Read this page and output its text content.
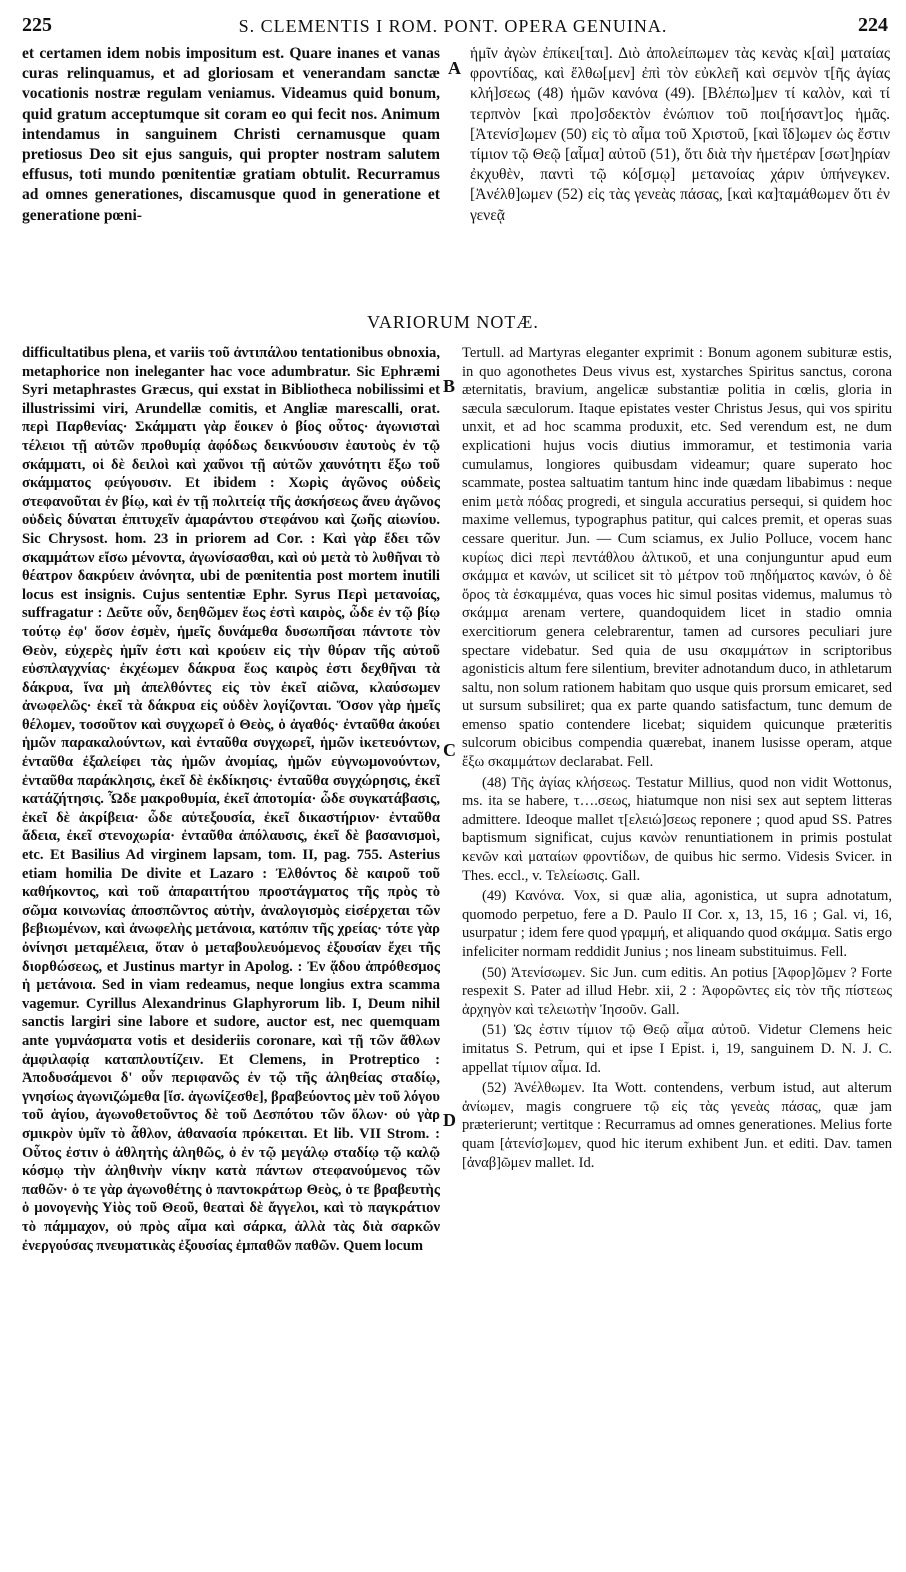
225	S. CLEMENTIS I ROM. PONT. OPERA GENUINA.	224

et certamen idem nobis impositum est. Quare inanes et vanas curas relinquamus, et ad gloriosam et venerandam sanctæ vocationis nostræ regulam veniamus. Videamus quid bonum, quid gratum acceptumque sit coram eo qui fecit nos. Animum intendamus in sanguinem Christi cernamusque quam pretiosus Deo sit ejus sanguis, qui propter nostram salutem effusus, toti mundo pœnitentiæ gratiam obtulit. Recurramus ad omnes generationes, discamusque quod in generatione et generatione pœni-

A

ἡμῖν ἀγὼν ἐπίκει[ται]. Διὸ ἀπολείπωμεν τὰς κενὰς κ[αὶ] ματαίας φροντίδας, καὶ ἔλθω[μεν] ἐπὶ τὸν εὐκλεῆ καὶ σεμνὸν τ[ῆς ἁγίας κλή]σεως (48) ἡμῶν κανόνα (49). [Βλέπω]μεν τί καλὸν, καὶ τί τερπνὸν [καὶ προ]σδεκτὸν ἐνώπιον τοῦ ποι[ήσαντ]ος ἡμᾶς. [Ἀτενίσ]ωμεν (50) εἰς τὸ αἷμα τοῦ Χριστοῦ, [καὶ ἴδ]ωμεν ὡς ἔστιν τίμιον τῷ Θεῷ [αἷμα] αὐτοῦ (51), ὅτι διὰ τὴν ἡμετέραν [σωτ]ηρίαν ἐκχυθὲν, παντὶ τῷ κό[σμῳ] μετανοίας χάριν ὑπήνεγκεν. [Ἀνέλθ]ωμεν (52) εἰς τὰς γενεὰς πάσας, [καὶ κα]ταμάθωμεν ὅτι ἐν γενεᾷ

VARIORUM NOTÆ.

difficultatibus plena, et variis τοῦ ἀντιπάλου tentationibus obnoxia, metaphorice non ineleganter hac voce adumbratur. Sic Ephræmi Syri metaphrastes Græcus, qui exstat in Bibliotheca nobilissimi et illustrissimi viri, Arundellæ comitis, et Angliæ marescalli, orat. περὶ Παρθενίας· Σκάμματι γὰρ ἔοικεν ὁ βίος οὗτος· ἀγωνισταὶ τέλειοι τῇ αὐτῶν προθυμίᾳ ἀφόδως δεικνύουσιν ἑαυτοὺς ἐν τῷ σκάμματι, οἱ δὲ δειλοὶ καὶ χαῦνοι τῇ αὐτῶν χαυνότητι ἔξω τοῦ σκάμματος φεύγουσιν. Et ibidem : Χωρὶς ἀγῶνος οὐδεὶς στεφανοῦται ἐν βίῳ, καὶ ἐν τῇ πολιτείᾳ τῆς ἀσκήσεως ἄνευ ἀγῶνος οὐδεὶς δύναται ἐπιτυχεῖν ἀμαράντου στεφάνου καὶ ζωῆς αἰωνίου. Sic Chrysost. hom. 23 in priorem ad Cor. : Καὶ γὰρ ἔδει τῶν σκαμμάτων εἴσω μένοντα, ἀγωνίσασθαι, καὶ οὐ μετὰ τὸ λυθῆναι τὸ θέατρον δακρύειν ἀνόνητα, ubi de pœnitentia post mortem inutili locus est insignis. Cujus sententiæ Ephr. Syrus Περὶ μετανοίας, suffragatur : Δεῦτε οὖν, δεηθῶμεν ἕως ἐστὶ καιρὸς, ὧδε ἐν τῷ βίῳ τούτῳ ἐφ' ὅσον ἐσμὲν, ἡμεῖς δυνάμεθα δυσωπῆσαι πάντοτε τὸν Θεὸν, εὐχερὲς ἡμῖν ἐστι καὶ κρούειν εἰς τὴν θύραν τῆς αὐτοῦ εὐσπλαγχνίας· ἐκχέωμεν δάκρυα ἕως καιρὸς ἐστι δεχθῆναι τὰ δάκρυα, ἵνα μὴ ἀπελθόντες εἰς τὸν ἐκεῖ αἰῶνα, κλαύσωμεν ἀνωφελῶς· ἐκεῖ τὰ δάκρυα εἰς οὐδὲν λογίζονται. Ὅσον γὰρ ἡμεῖς θέλομεν, τοσοῦτον καὶ συγχωρεῖ ὁ Θεὸς, ὁ ἀγαθός· ἐνταῦθα ἀκούει ἡμῶν παρακαλούντων, καὶ ἐνταῦθα συγχωρεῖ, ἡμῶν ἱκετευόντων, ἐνταῦθα ἐξαλείφει τὰς ἡμῶν ἀνομίας, ἡμῶν εὐγνωμονούντων, ἐνταῦθα παράκλησις, ἐκεῖ δὲ ἐκδίκησις· ἐνταῦθα συγχώρησις, ἐκεῖ κατάζήτησις. Ὧδε μακροθυμία, ἐκεῖ ἀποτομία· ὧδε συγκατάβασις, ἐκεῖ δὲ ἀκρίβεια· ὧδε αὐτεξουσία, ἐκεῖ δικαστήριον· ἐνταῦθα ἄδεια, ἐκεῖ στενοχωρία· ἐνταῦθα ἀπόλαυσις, ἐκεῖ δὲ βασανισμοὶ, etc. Et Basilius Ad virginem lapsam, tom. II, pag. 755. Asterius etiam homilia De divite et Lazaro : Ἐλθόντος δὲ καιροῦ τοῦ καθήκοντος, καὶ τοῦ ἀπαραιτήτου προστάγματος τῆς πρὸς τὸ σῶμα κοινωνίας ἀποσπῶντος αὐτὴν, ἀναλογισμὸς εἰσέρχεται τῶν βεβιωμένων, καὶ ἀνωφελὴς μετάνοια, κατόπιν τῆς χρείας· τότε γὰρ ὀνίνησι μεταμέλεια, ὅταν ὁ μεταβουλευόμενος ἐξουσίαν ἔχει τῆς διορθώσεως, et Justinus martyr in Apolog. : Ἐν ᾅδου ἀπρόθεσμος ἡ μετάνοια. Sed in viam redeamus, neque longius extra scamma vagemur. Cyrillus Alexandrinus Glaphyrorum lib. I, Deum nihil sanctis largiri sine labore et sudore, auctor est, nec quemquam ante γυμνάσματα votis et desideriis coronare, καὶ τῇ τῶν ἄθλων ἀμφιλαφίᾳ καταπλουτίζειν. Et Clemens, in Protreptico : Ἀποδυσάμενοι δ' οὖν περιφανῶς ἐν τῷ τῆς ἀληθείας σταδίῳ, γνησίως ἀγωνιζώμεθα [ἴσ. ἀγωνίζεσθε], βραβεύοντος μὲν τοῦ λόγου τοῦ ἁγίου, ἀγωνοθετοῦντος δὲ τοῦ Δεσπότου τῶν ὅλων· οὐ γὰρ σμικρὸν ὑμῖν τὸ ἆθλον, ἀθανασία πρόκειται. Et lib. VII Strom. : Οὗτος ἐστιν ὁ ἀθλητὴς ἀληθῶς, ὁ ἐν τῷ μεγάλῳ σταδίῳ τῷ καλῷ κόσμῳ τὴν ἀληθινὴν νίκην κατὰ πάντων στεφανούμενος τῶν παθῶν· ὁ τε γὰρ ἀγωνοθέτης ὁ παντοκράτωρ Θεὸς, ὁ τε βραβευτὴς ὁ μονογενὴς Υἱὸς τοῦ Θεοῦ, θεαταὶ δὲ ἄγγελοι, καὶ τὸ παγκράτιον τὸ πάμμαχον, οὐ πρὸς αἷμα καὶ σάρκα, ἀλλὰ τὰς διὰ σαρκῶν ἐνεργούσας πνευματικὰς ἐξουσίας ἐμπαθῶν παθῶν. Quem locum

B
C
D

Tertull. ad Martyras eleganter exprimit : Bonum agonem subituræ estis, in quo agonothetes Deus vivus est, xystarches Spiritus sanctus, corona æternitatis, bravium, angelicæ substantiæ politia in cœlis, gloria in sæcula sæculorum. Itaque epistates vester Christus Jesus, qui vos spiritu unxit, et ad hoc scamma produxit, etc. Sed verendum est, ne dum explicationi hujus vocis diutius immoramur, et testimonia varia cumulamus, longiores quibusdam videamur; quare superato hoc scammate, postea saltuatim tantum hinc inde quædam libabimus : neque enim μετὰ πόδας progredi, et singula accuratius persequi, si quidem hoc maxime vellemus, typographus patitur, qui calces premit, et operas suas cessare queritur. Jun. — Cum sciamus, ex Julio Polluce, vocem hanc κυρίως dici περὶ πεντάθλου ἁλτικοῦ, et una conjunguntur apud eum σκάμμα et κανών, ut scilicet sit τὸ μέτρον τοῦ πηδήματος κανών, ὁ δὲ ὅρος τὰ ἐσκαμμένα, quas voces hic simul positas videmus, malumus τὸ σκάμμα arenam vertere, quandoquidem licet in stadio omnia exercitiorum genera celebrarentur, tamen ad cursores peculiari jure spectare videbatur. Sed quia de usu σκαμμάτων in scriptoribus agonisticis altum fere silentium, breviter adnotandum duco, in athletarum saltu, non solum rationem habitam quo usque quis prorsum emicaret, sed ut sursum subsiliret; qua ex parte quando satisfactum, tunc demum de emenso spatio contendere licebat; siquidem quicunque præteritis sulcorum obicibus compendia quærebat, inanem lusisse operam, atque ἔξω σκαμμάτων declarabat. Fell.

(48) Τῆς ἁγίας κλήσεως. Testatur Millius, quod non vidit Wottonus, ms. ita se habere, τ….σεως, hiatumque non nisi sex aut septem litteras admittere. Ideoque mallet τ[ελειώ]σεως reponere ; quod apud SS. Patres baptismum significat, cujus κανὼν renuntiationem in primis postulat κενῶν καὶ ματαίων φροντίδων, de quibus hic sermo. Videsis Svicer. in Thes. eccl., v. Τελείωσις. Gall.

(49) Κανόνα. Vox, si quæ alia, agonistica, ut supra adnotatum, quomodo perpetuo, fere a D. Paulo II Cor. x, 13, 15, 16 ; Gal. vi, 16, usurpatur ; idem fere quod γραμμή, et aliquando quod σκάμμα. Satis ergo infeliciter normam reddidit Junius ; nos lineam substituimus. Fell.

(50) Ἀτενίσωμεν. Sic Jun. cum editis. An potius [Ἀφορ]ῶμεν ? Forte respexit S. Pater ad illud Hebr. xii, 2 : Ἀφορῶντες εἰς τὸν τῆς πίστεως ἀρχηγὸν καὶ τελειωτὴν Ἰησοῦν. Gall.

(51) Ὡς ἐστιν τίμιον τῷ Θεῷ αἷμα αὐτοῦ. Videtur Clemens heic imitatus S. Petrum, qui et ipse I Epist. i, 19, sanguinem D. N. J. C. appellat τίμιον αἷμα. Id.

(52) Ἀνέλθωμεν. Ita Wott. contendens, verbum istud, aut alterum ἀνίωμεν, magis congruere τῷ εἰς τὰς γενεὰς πάσας, quæ jam præterierunt; vertitque : Recurramus ad omnes generationes. Melius forte quam [ἀτενίσ]ωμεν, quod hic iterum exhibent Jun. et editi. Dav. tamen [ἀναβ]ῶμεν mallet. Id.
